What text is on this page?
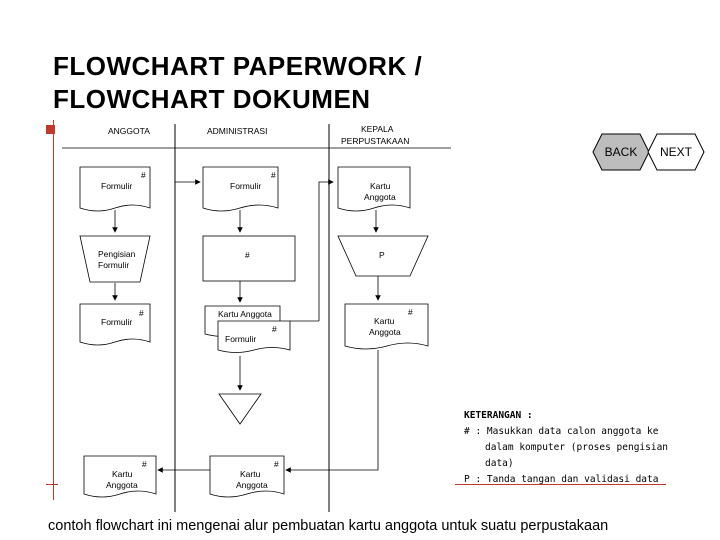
FLOWCHART PAPERWORK /
FLOWCHART DOKUMEN
ANGGOTA	ADMINISTRASI	KEPALA
PERPUSTAKAAN
Formulir
#
Pengisian
Formulir
Formulir
#
Kartu
Anggota
#
Formulir
#
#
Kartu Anggota
Formulir
#
Kartu
Anggota
#
Kartu
Anggota
P
Kartu
Anggota
#
BACK	NEXT
KETERANGAN :
# : Masukkan data calon anggota ke
dalam komputer (proses pengisian
data)
P : Tanda tangan dan validasi data
contoh flowchart ini mengenai alur pembuatan kartu anggota untuk suatu perpustakaan
